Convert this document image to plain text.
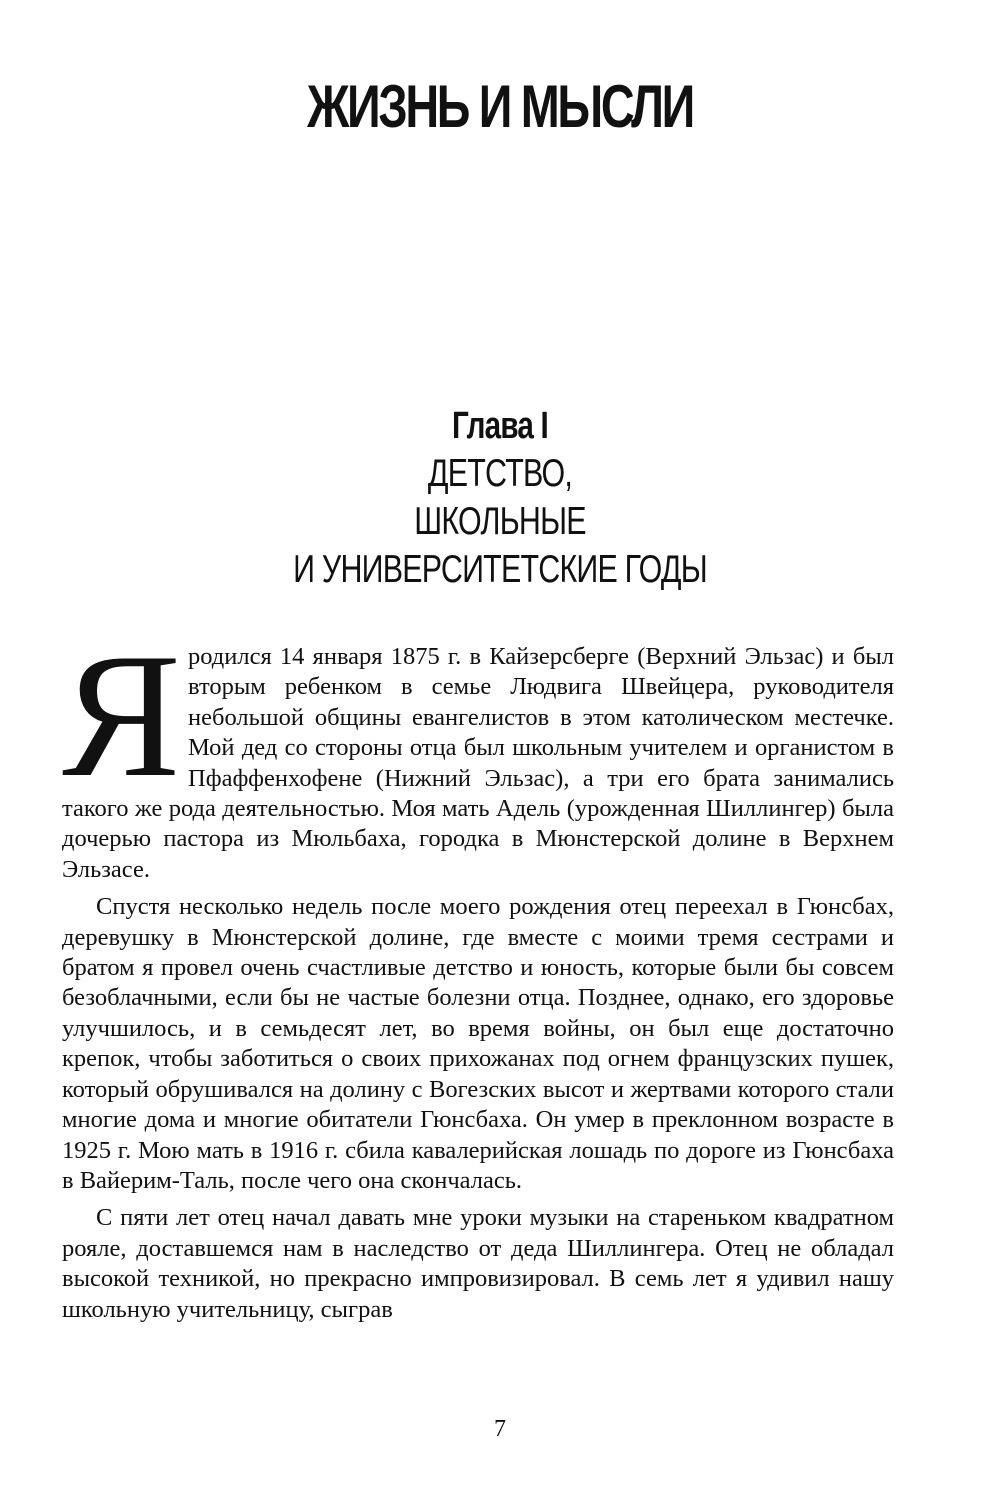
ЖИЗНЬ И МЫСЛИ
Глава I
ДЕТСТВО,
ШКОЛЬНЫЕ
И УНИВЕРСИТЕТСКИЕ ГОДЫ

Я родился 14 января 1875 г. в Кайзерсберге (Верхний Эльзас) и был вторым ребенком в семье Людвига Швейцера, руководителя небольшой общины евангелистов в этом католическом местечке. Мой дед со стороны отца был школьным учителем и органистом в Пфаффенхофене (Нижний Эльзас), а три его брата занимались такого же рода деятельностью. Моя мать Адель (урожденная Шиллингер) была дочерью пастора из Мюльбаха, городка в Мюнстерской долине в Верхнем Эльзасе.

Спустя несколько недель после моего рождения отец переехал в Гюнсбах, деревушку в Мюнстерской долине, где вместе с моими тремя сестрами и братом я провел очень счастливые детство и юность, которые были бы совсем безоблачными, если бы не частые болезни отца. Позднее, однако, его здоровье улучшилось, и в семьдесят лет, во время войны, он был еще достаточно крепок, чтобы заботиться о своих прихожанах под огнем французских пушек, который обрушивался на долину с Вогезских высот и жертвами которого стали многие дома и многие обитатели Гюнсбаха. Он умер в преклонном возрасте в 1925 г. Мою мать в 1916 г. сбила кавалерийская лошадь по дороге из Гюнсбаха в Вайерим-Таль, после чего она скончалась.

С пяти лет отец начал давать мне уроки музыки на стареньком квадратном рояле, доставшемся нам в наследство от деда Шиллингера. Отец не обладал высокой техникой, но прекрасно импровизировал. В семь лет я удивил нашу школьную учительницу, сыграв

7
